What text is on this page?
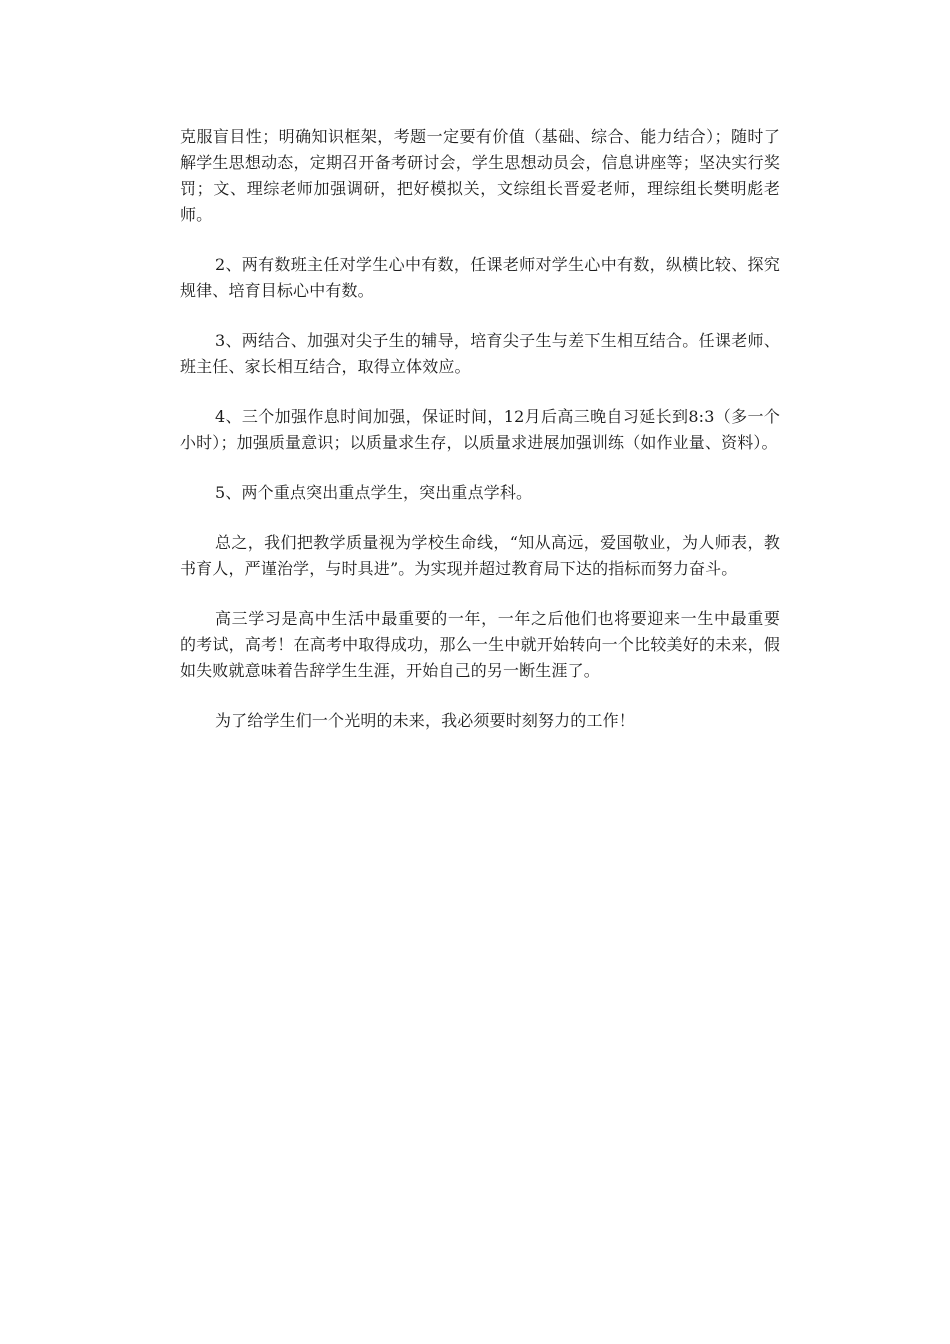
克服盲目性；明确知识框架，考题一定要有价值（基础、综合、能力结合）；随时了解学生思想动态，定期召开备考研讨会，学生思想动员会，信息讲座等；坚决实行奖罚；文、理综老师加强调研，把好模拟关，文综组长晋爱老师，理综组长樊明彪老师。

2、两有数班主任对学生心中有数，任课老师对学生心中有数，纵横比较、探究规律、培育目标心中有数。

3、两结合、加强对尖子生的辅导，培育尖子生与差下生相互结合。任课老师、班主任、家长相互结合，取得立体效应。

4、三个加强作息时间加强，保证时间，12月后高三晚自习延长到8:3（多一个小时）；加强质量意识；以质量求生存，以质量求进展加强训练（如作业量、资料）。

5、两个重点突出重点学生，突出重点学科。

总之，我们把教学质量视为学校生命线，“知从高远，爱国敬业，为人师表，教书育人，严谨治学，与时具进”。为实现并超过教育局下达的指标而努力奋斗。

高三学习是高中生活中最重要的一年，一年之后他们也将要迎来一生中最重要的考试，高考！在高考中取得成功，那么一生中就开始转向一个比较美好的未来，假如失败就意味着告辞学生生涯，开始自己的另一断生涯了。

为了给学生们一个光明的未来，我必须要时刻努力的工作！
